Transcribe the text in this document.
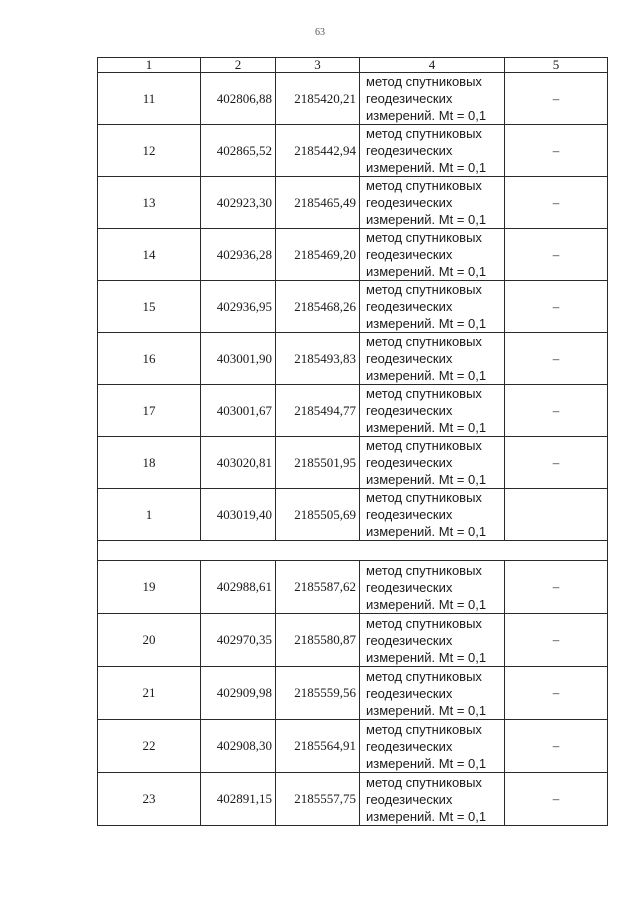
63
1	2	3	4	5
11	402806,88	2185420,21	метод спутниковых
геодезических
измерений. Mt = 0,1	–
12	402865,52	2185442,94	метод спутниковых
геодезических
измерений. Mt = 0,1	–
13	402923,30	2185465,49	метод спутниковых
геодезических
измерений. Mt = 0,1	–
14	402936,28	2185469,20	метод спутниковых
геодезических
измерений. Mt = 0,1	–
15	402936,95	2185468,26	метод спутниковых
геодезических
измерений. Mt = 0,1	–
16	403001,90	2185493,83	метод спутниковых
геодезических
измерений. Mt = 0,1	–
17	403001,67	2185494,77	метод спутниковых
геодезических
измерений. Mt = 0,1	–
18	403020,81	2185501,95	метод спутниковых
геодезических
измерений. Mt = 0,1	–
1	403019,40	2185505,69	метод спутниковых
геодезических
измерений. Mt = 0,1	

19	402988,61	2185587,62	метод спутниковых
геодезических
измерений. Mt = 0,1	–
20	402970,35	2185580,87	метод спутниковых
геодезических
измерений. Mt = 0,1	–
21	402909,98	2185559,56	метод спутниковых
геодезических
измерений. Mt = 0,1	–
22	402908,30	2185564,91	метод спутниковых
геодезических
измерений. Mt = 0,1	–
23	402891,15	2185557,75	метод спутниковых
геодезических
измерений. Mt = 0,1	–
